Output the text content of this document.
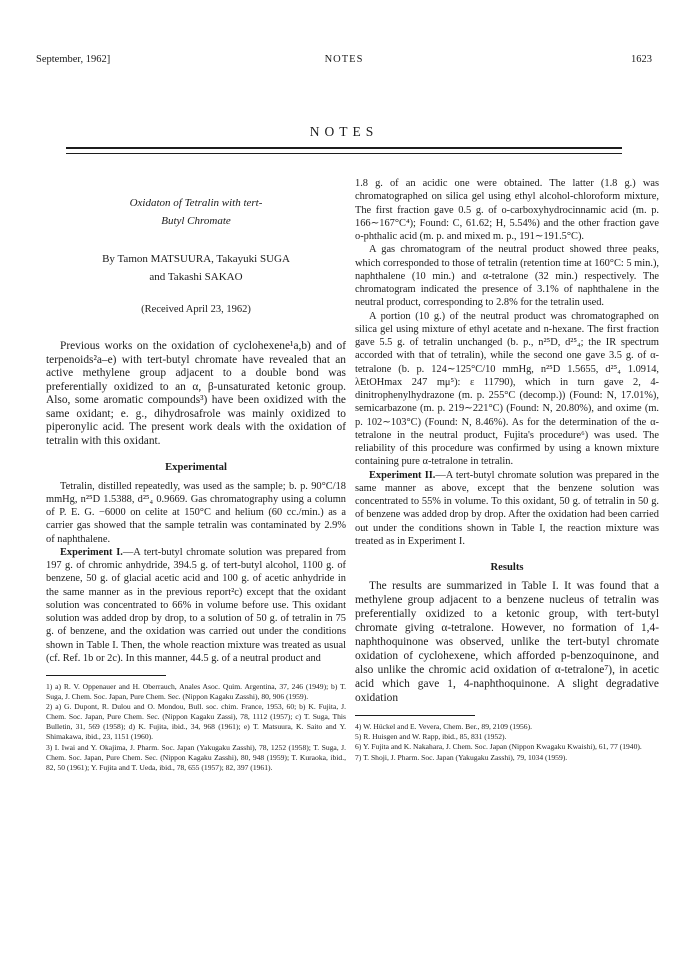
September, 1962]	NOTES	1623
NOTES
Oxidaton of Tetralin with tert-
Butyl Chromate
By Tamon MATSUURA, Takayuki SUGA
and Takashi SAKAO
(Received April 23, 1962)

Previous works on the oxidation of cyclohexene¹a,b) and of terpenoids²a–e) with tert-butyl chromate have revealed that an active methylene group adjacent to a double bond was preferentially oxidized to an α, β-unsaturated ketonic group. Also, some aromatic compounds³) have been oxidized with the same oxidant; e. g., dihydrosafrole was mainly oxidized to piperonylic acid. The present work deals with the oxidation of tetralin with this oxidant.

Experimental

Tetralin, distilled repeatedly, was used as the sample; b. p. 90°C/18 mmHg, n²⁵D 1.5388, d²⁵₄ 0.9669. Gas chromatography using a column of P. E. G. −6000 on celite at 150°C and helium (60 cc./min.) as a carrier gas showed that the sample tetralin was contaminated by 2.9% of naphthalene.

Experiment I.—A tert-butyl chromate solution was prepared from 197 g. of chromic anhydride, 394.5 g. of tert-butyl alcohol, 1100 g. of benzene, 50 g. of glacial acetic acid and 100 g. of acetic anhydride in the same manner as in the previous report²c) except that the oxidant solution was concentrated to 66% in volume before use. This oxidant solution was added drop by drop, to a solution of 50 g. of tetralin in 75 g. of benzene, and the oxidation was carried out under the conditions shown in Table I. Then, the whole reaction mixture was treated as usual (cf. Ref. 1b or 2c). In this manner, 44.5 g. of a neutral product and

1) a) R. V. Oppenauer and H. Oberrauch, Anales Asoc. Quim. Argentina, 37, 246 (1949); b) T. Suga, J. Chem. Soc. Japan, Pure Chem. Sec. (Nippon Kagaku Zasshi), 80, 906 (1959).

2) a) G. Dupont, R. Dulou and O. Mondou, Bull. soc. chim. France, 1953, 60; b) K. Fujita, J. Chem. Soc. Japan, Pure Chem. Sec. (Nippon Kagaku Zassi), 78, 1112 (1957); c) T. Suga, This Bulletin, 31, 569 (1958); d) K. Fujita, ibid., 34, 968 (1961); e) T. Matsuura, K. Saito and Y. Shimakawa, ibid., 23, 1151 (1960).

3) I. Iwai and Y. Okajima, J. Pharm. Soc. Japan (Yakugaku Zasshi), 78, 1252 (1958); T. Suga, J. Chem. Soc. Japan, Pure Chem. Sec. (Nippon Kagaku Zasshi), 80, 948 (1959); T. Kuraoka, ibid., 82, 50 (1961); Y. Fujita and T. Ueda, ibid., 78, 655 (1957); 82, 397 (1961).

1.8 g. of an acidic one were obtained. The latter (1.8 g.) was chromatographed on silica gel using ethyl alcohol-chloroform mixture, The first fraction gave 0.5 g. of o-carboxyhydrocinnamic acid (m. p. 166∼167°C⁴); Found: C, 61.62; H, 5.54%) and the other fraction gave o-phthalic acid (m. p. and mixed m. p., 191∼191.5°C).

A gas chromatogram of the neutral product showed three peaks, which corresponded to those of tetralin (retention time at 160°C: 5 min.), naphthalene (10 min.) and α-tetralone (32 min.) respectively. The chromatogram indicated the presence of 3.1% of naphthalene in the neutral product, corresponding to 2.8% for the tetralin used.

A portion (10 g.) of the neutral product was chromatographed on silica gel using mixture of ethyl acetate and n-hexane. The first fraction gave 5.5 g. of tetralin unchanged (b. p., n²⁵D, d²⁵₄; the IR spectrum accorded with that of tetralin), while the second one gave 3.5 g. of α-tetralone (b. p. 124∼125°C/10 mmHg, n²⁵D 1.5655, d²⁵₄ 1.0914, λEtOHmax 247 mμ⁵): ε 11790), which in turn gave 2, 4-dinitrophenylhydrazone (m. p. 255°C (decomp.)) (Found: N, 17.01%), semicarbazone (m. p. 219∼221°C) (Found: N, 20.80%), and oxime (m. p. 102∼103°C) (Found: N, 8.46%). As for the determination of the α-tetralone in the neutral product, Fujita's procedure⁶) was used. The reliability of this procedure was confirmed by using a known mixture containing pure α-tetralone in tetralin.

Experiment II.—A tert-butyl chromate solution was prepared in the same manner as above, except that the benzene solution was concentrated to 55% in volume. To this oxidant, 50 g. of tetralin in 50 g. of benzene was added drop by drop. After the oxidation had been carried out under the conditions shown in Table I, the reaction mixture was treated as in Experiment I.

Results

The results are summarized in Table I. It was found that a methylene group adjacent to a benzene nucleus of tetralin was preferentially oxidized to a ketonic group, with tert-butyl chromate giving α-tetralone. However, no formation of 1,4-naphthoquinone was observed, unlike the tert-butyl chromate oxidation of cyclohexene, which afforded p-benzoquinone, and also unlike the chromic acid oxidation of α-tetralone⁷), in acetic acid which gave 1, 4-naphthoquinone. A slight degradative oxidation

4) W. Hückel and E. Vevera, Chem. Ber., 89, 2109 (1956).

5) R. Huisgen and W. Rapp, ibid., 85, 831 (1952).

6) Y. Fujita and K. Nakahara, J. Chem. Soc. Japan (Nippon Kwagaku Kwaishi), 61, 77 (1940).

7) T. Shoji, J. Pharm. Soc. Japan (Yakugaku Zasshi), 79, 1034 (1959).
